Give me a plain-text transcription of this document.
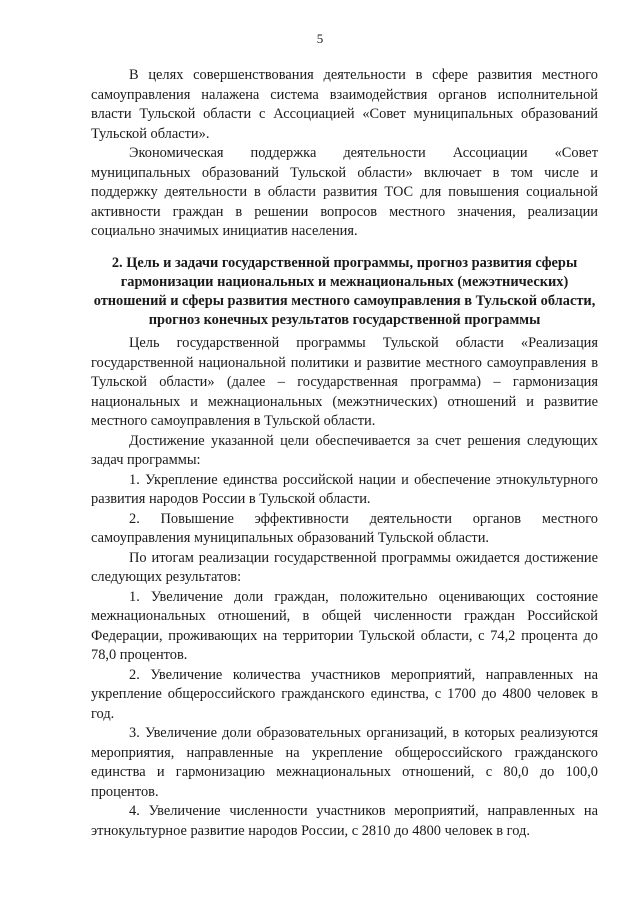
5

В целях совершенствования деятельности в сфере развития местного самоуправления налажена система взаимодействия органов исполнительной власти Тульской области с Ассоциацией «Совет муниципальных образований Тульской области».

Экономическая поддержка деятельности Ассоциации «Совет муниципальных образований Тульской области» включает в том числе и поддержку деятельности в области развития ТОС для повышения социальной активности граждан в решении вопросов местного значения, реализации социально значимых инициатив населения.

2. Цель и задачи государственной программы, прогноз развития сферы гармонизации национальных и межнациональных (межэтнических) отношений и сферы развития местного самоуправления в Тульской области, прогноз конечных результатов государственной программы

Цель государственной программы Тульской области «Реализация государственной национальной политики и развитие местного самоуправления в Тульской области» (далее – государственная программа) – гармонизация национальных и межнациональных (межэтнических) отношений и развитие местного самоуправления в Тульской области.

Достижение указанной цели обеспечивается за счет решения следующих задач программы:

1. Укрепление единства российской нации и обеспечение этнокультурного развития народов России в Тульской области.

2. Повышение эффективности деятельности органов местного самоуправления муниципальных образований Тульской области.

По итогам реализации государственной программы ожидается достижение следующих результатов:

1. Увеличение доли граждан, положительно оценивающих состояние межнациональных отношений, в общей численности граждан Российской Федерации, проживающих на территории Тульской области, с 74,2 процента до 78,0 процентов.

2. Увеличение количества участников мероприятий, направленных на укрепление общероссийского гражданского единства, с 1700 до 4800 человек в год.

3. Увеличение доли образовательных организаций, в которых реализуются мероприятия, направленные на укрепление общероссийского гражданского единства и гармонизацию межнациональных отношений, с 80,0 до 100,0 процентов.

4. Увеличение численности участников мероприятий, направленных на этнокультурное развитие народов России, с 2810 до 4800 человек в год.
